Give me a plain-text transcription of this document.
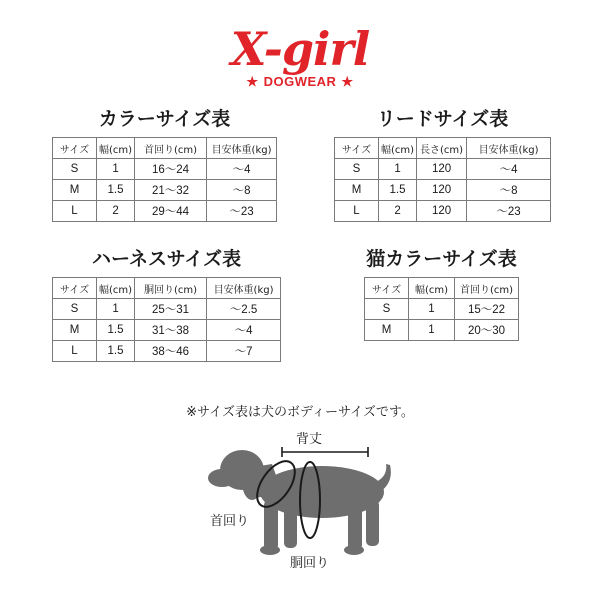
X-girl
★ DOGWEAR ★
カラーサイズ表
サイズ	幅(cm)	首回り(cm)	目安体重(kg)
S	1	16～24	～4
M	1.5	21～32	～8
L	2	29～44	～23
リードサイズ表
サイズ	幅(cm)	長さ(cm)	目安体重(kg)
S	1	120	～4
M	1.5	120	～8
L	2	120	～23
ハーネスサイズ表
サイズ	幅(cm)	胴回り(cm)	目安体重(kg)
S	1	25～31	～2.5
M	1.5	31～38	～4
L	1.5	38～46	～7
猫カラーサイズ表
サイズ	幅(cm)	首回り(cm)
S	1	15～22
M	1	20～30
※サイズ表は犬のボディーサイズです。
背丈
首回り
胴回り
